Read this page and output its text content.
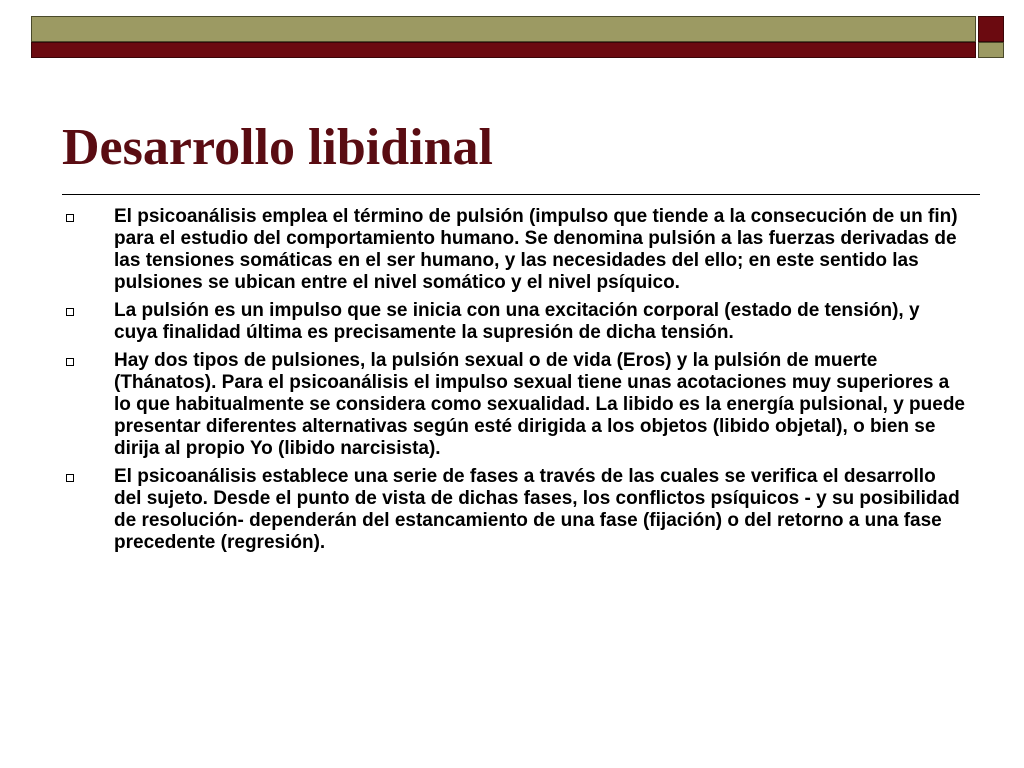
Desarrollo libidinal
El psicoanálisis emplea el término de pulsión (impulso que tiende a la consecución de un fin) para el estudio del comportamiento humano. Se denomina pulsión a las fuerzas derivadas de las tensiones somáticas en el ser humano, y las necesidades del ello; en este sentido las pulsiones se ubican entre el nivel somático y el nivel psíquico.
La pulsión es un impulso que se inicia con una excitación corporal (estado de tensión), y cuya finalidad última es precisamente la supresión de dicha tensión.
Hay dos tipos de pulsiones, la pulsión sexual o de vida (Eros) y la pulsión de muerte (Thánatos). Para el psicoanálisis el impulso sexual tiene unas acotaciones muy superiores a lo que habitualmente se considera como sexualidad. La libido es la energía pulsional, y puede presentar diferentes alternativas según esté dirigida a los objetos (libido objetal), o bien se dirija al propio Yo (libido narcisista).
El psicoanálisis establece una serie de fases a través de las cuales se verifica el desarrollo del sujeto. Desde el punto de vista de dichas fases, los conflictos psíquicos - y su posibilidad de resolución- dependerán del estancamiento de una fase (fijación) o del retorno a una fase precedente (regresión).
